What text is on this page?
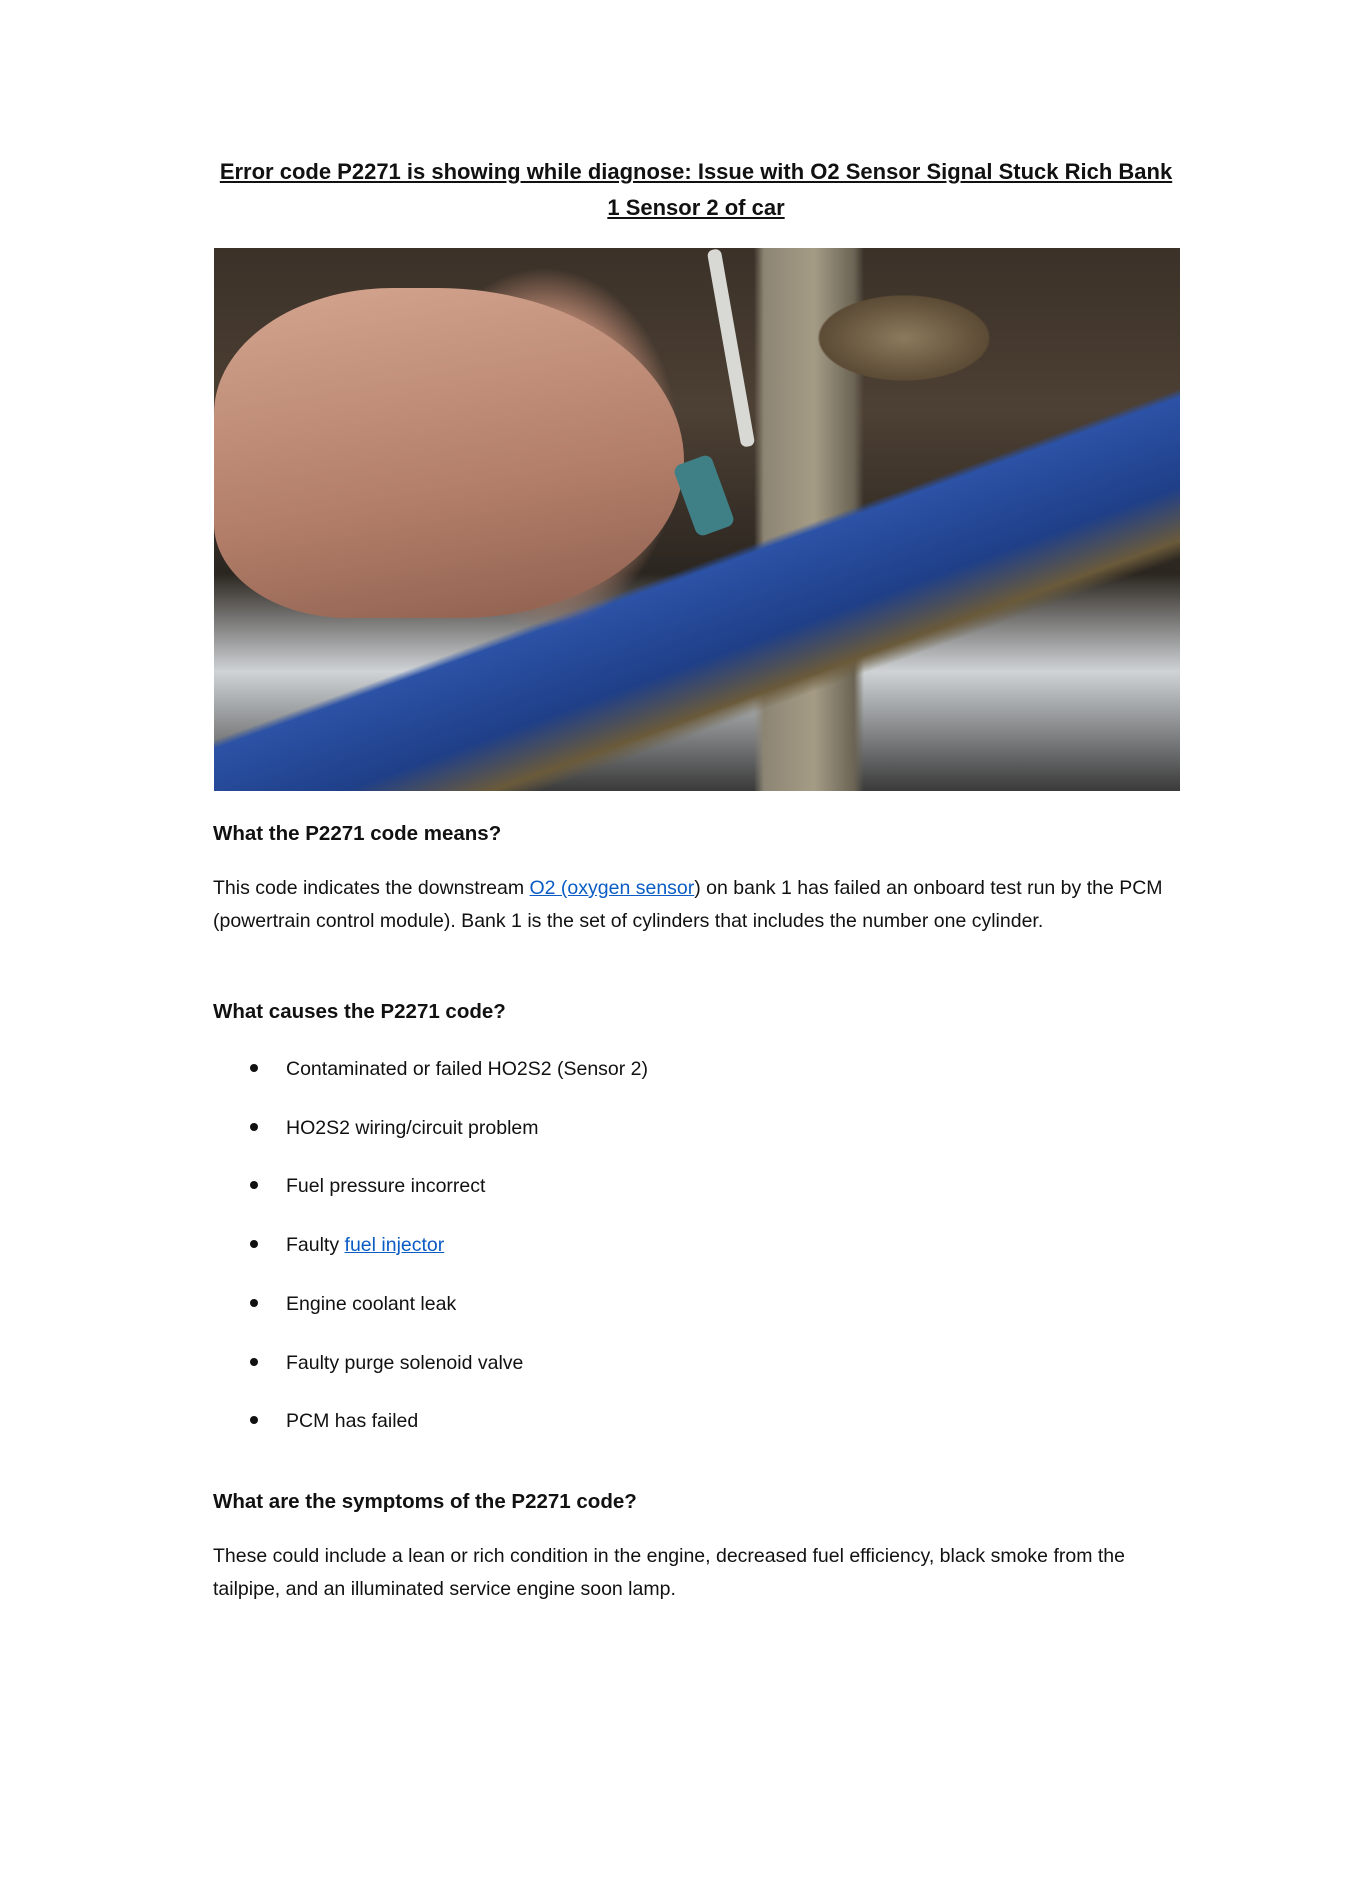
Error code P2271 is showing while diagnose: Issue with O2 Sensor Signal Stuck Rich Bank 1 Sensor 2 of car
What the P2271 code means?
This code indicates the downstream O2 (oxygen sensor) on bank 1 has failed an onboard test run by the PCM (powertrain control module). Bank 1 is the set of cylinders that includes the number one cylinder.
What causes the P2271 code?
Contaminated or failed HO2S2 (Sensor 2)
HO2S2 wiring/circuit problem
Fuel pressure incorrect
Faulty fuel injector
Engine coolant leak
Faulty purge solenoid valve
PCM has failed
What are the symptoms of the P2271 code?
These could include a lean or rich condition in the engine, decreased fuel efficiency, black smoke from the tailpipe, and an illuminated service engine soon lamp.
